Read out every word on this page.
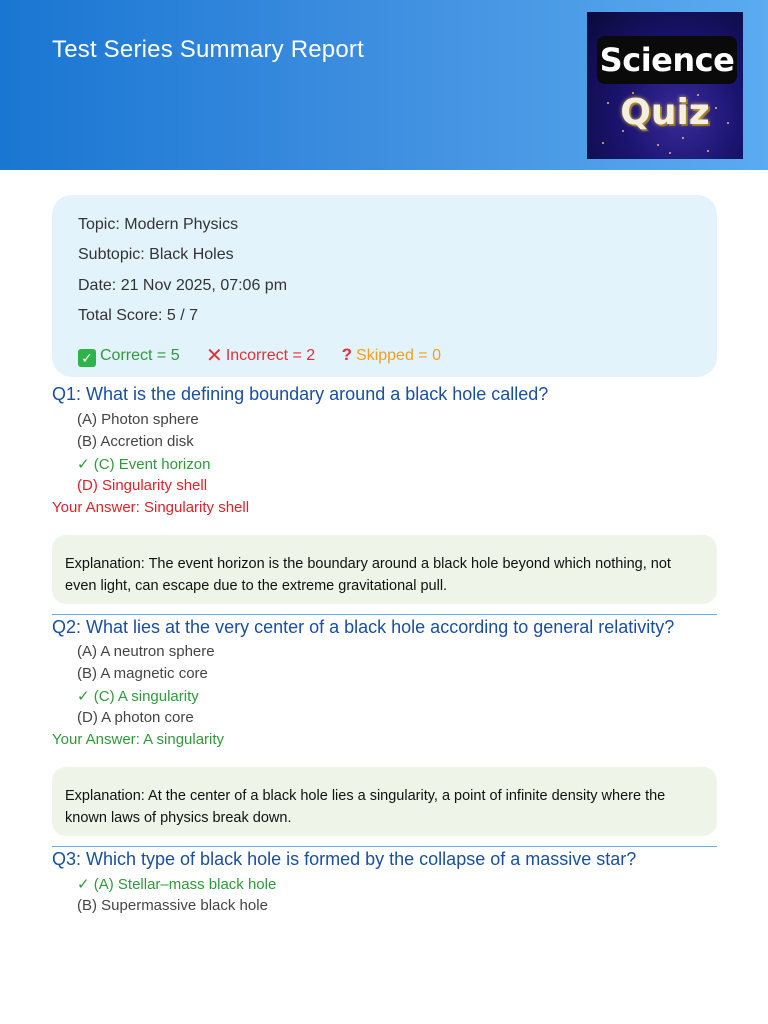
Test Series Summary Report	Science
Quiz
Topic: Modern Physics
Subtopic: Black Holes
Date: 21 Nov 2025, 07:06 pm
Total Score: 5 / 7
✓ Correct = 5 ✕ Incorrect = 2 ? Skipped = 0
Q1: What is the defining boundary around a black hole called?
(A) Photon sphere
(B) Accretion disk
✓ (C) Event horizon
(D) Singularity shell
Your Answer: Singularity shell
Explanation: The event horizon is the boundary around a black hole beyond which nothing, not even light, can escape due to the extreme gravitational pull.
Q2: What lies at the very center of a black hole according to general relativity?
(A) A neutron sphere
(B) A magnetic core
✓ (C) A singularity
(D) A photon core
Your Answer: A singularity
Explanation: At the center of a black hole lies a singularity, a point of infinite density where the known laws of physics break down.
Q3: Which type of black hole is formed by the collapse of a massive star?
✓ (A) Stellar–mass black hole
(B) Supermassive black hole
